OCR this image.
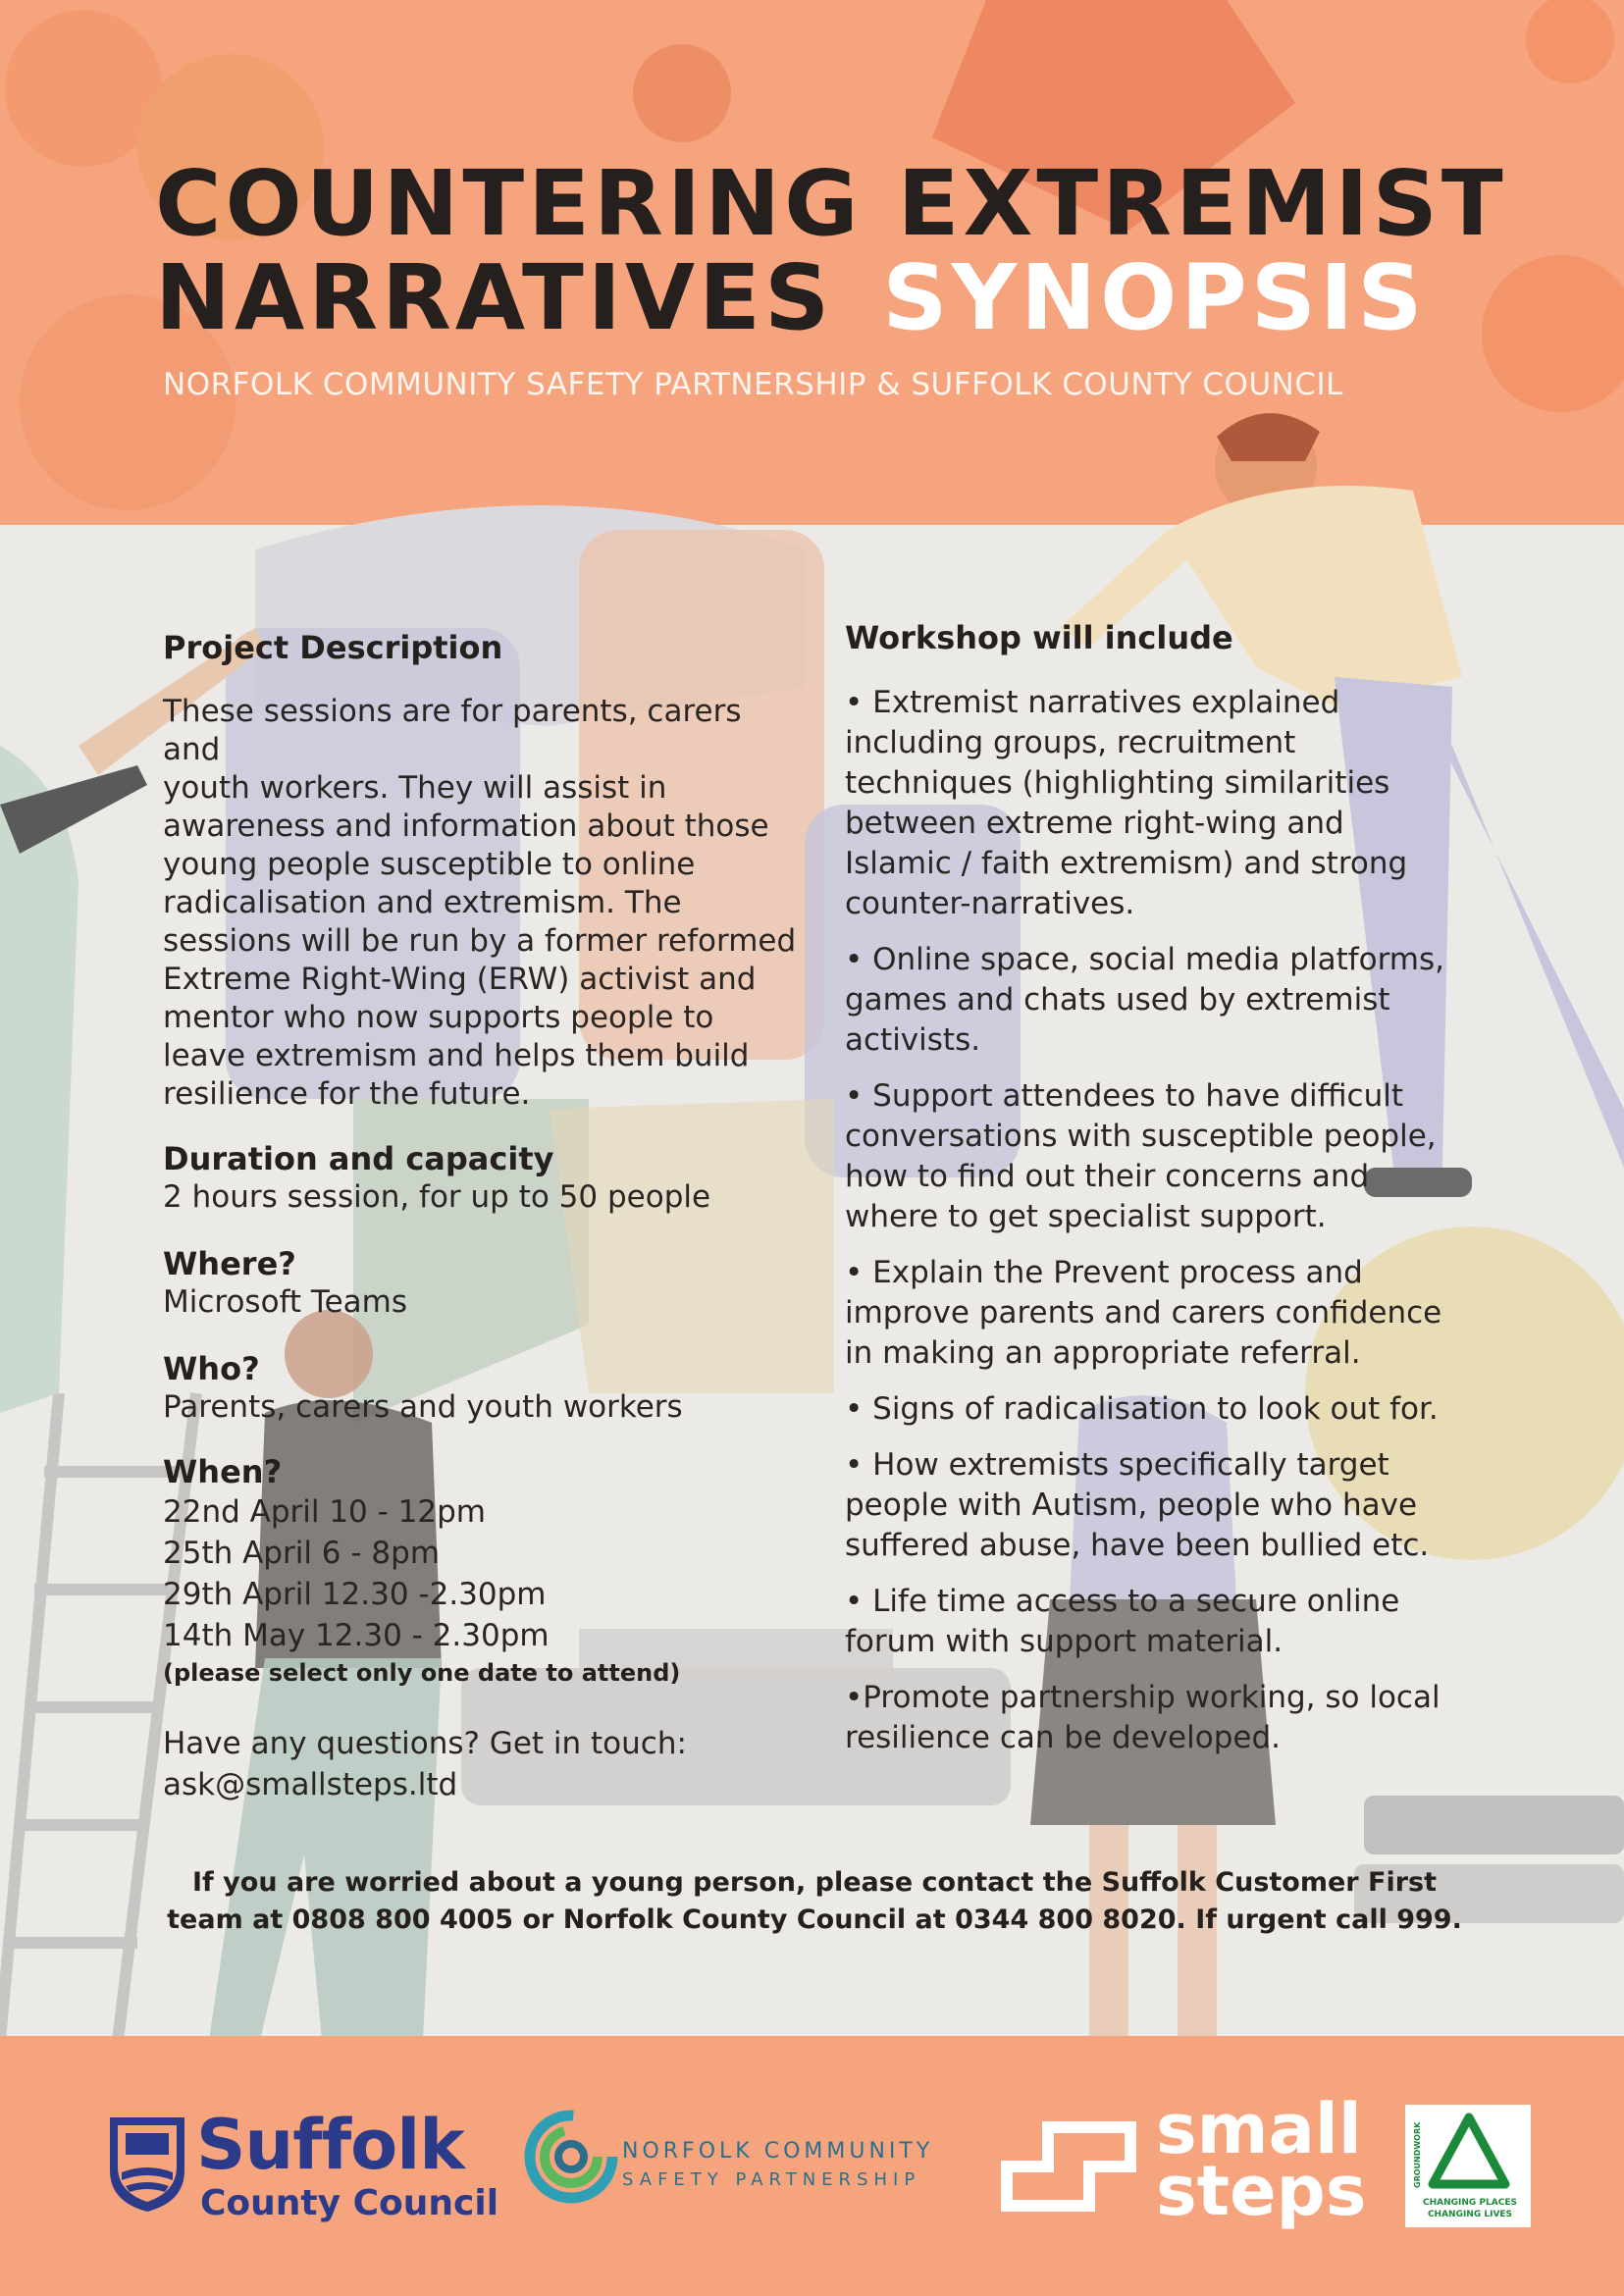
COUNTERING EXTREMIST
NARRATIVES SYNOPSIS
NORFOLK COMMUNITY SAFETY PARTNERSHIP & SUFFOLK COUNTY COUNCIL

Project Description

These sessions are for parents, carers and

youth workers. They will assist in

awareness and information about those

young people susceptible to online

radicalisation and extremism. The

sessions will be run by a former reformed

Extreme Right-Wing (ERW) activist and

mentor who now supports people to

leave extremism and helps them build

resilience for the future.

Duration and capacity

2 hours session, for up to 50 people

Where?

Microsoft Teams

Who?

Parents, carers and youth workers

When?

22nd April 10 - 12pm

25th April 6 - 8pm

29th April 12.30 -2.30pm

14th May 12.30 - 2.30pm

(please select only one date to attend)

Have any questions? Get in touch:

ask@smallsteps.ltd

Workshop will include

• Extremist narratives explained
including groups, recruitment
techniques (highlighting similarities
between extreme right-wing and
Islamic / faith extremism) and strong
counter-narratives.
• Online space, social media platforms,
games and chats used by extremist
activists.
• Support attendees to have difficult
conversations with susceptible people,
how to find out their concerns and
where to get specialist support.
• Explain the Prevent process and
improve parents and carers confidence
in making an appropriate referral.
• Signs of radicalisation to look out for.
• How extremists specifically target
people with Autism, people who have
suffered abuse, have been bullied etc.
• Life time access to a secure online
forum with support material.
•Promote partnership working, so local
resilience can be developed.
If you are worried about a young person, please contact the Suffolk Customer First
team at 0808 800 4005 or Norfolk County Council at 0344 800 8020. If urgent call 999.
Suffolk
County Council
NORFOLK COMMUNITY
SAFETY PARTNERSHIP
small
steps	CHANGING PLACES
CHANGING LIVES
GROUNDWORK
